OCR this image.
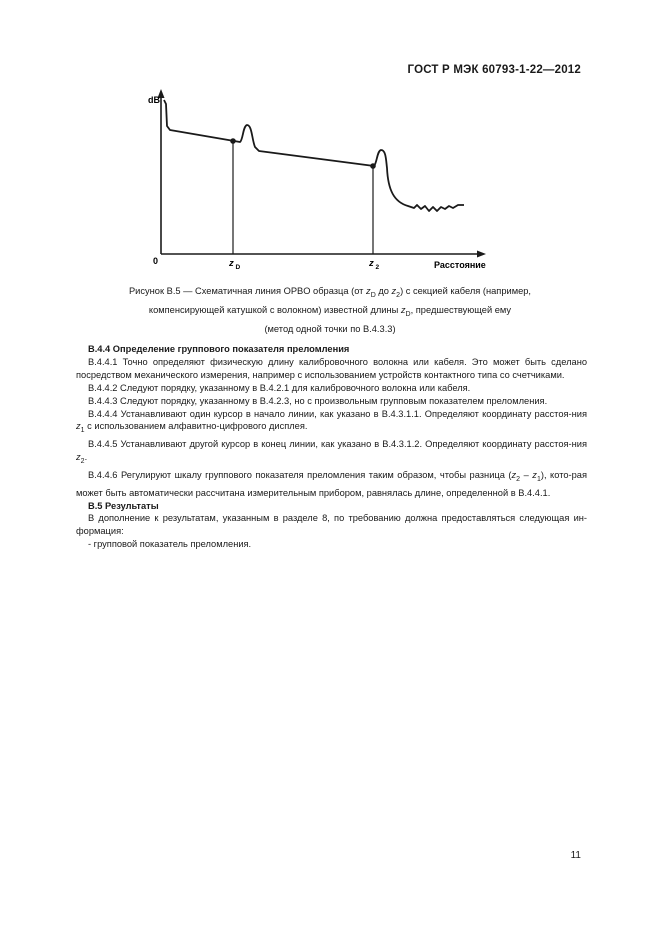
ГОСТ Р МЭК 60793-1-22—2012
dB
0	z D	z 2	Расстояние
Рисунок В.5 — Схематичная линия OPBO образца (от $z_D$ до $z_2$) с секцией кабеля (например,
компенсирующей катушкой с волокном) известной длины $z_D$, предшествующей ему
(метод одной точки по В.4.3.3)

В.4.4 Определение группового показателя преломления

В.4.4.1 Точно определяют физическую длину калибровочного волокна или кабеля. Это может быть сделано посредством механического измерения, например с использованием устройств контактного типа со счетчиками.

В.4.4.2 Следуют порядку, указанному в В.4.2.1 для калибровочного волокна или кабеля.

В.4.4.3 Следуют порядку, указанному в В.4.2.3, но с произвольным групповым показателем преломления.

В.4.4.4 Устанавливают один курсор в начало линии, как указано в В.4.3.1.1. Определяют координату расстоя-ния $z_1$ с использованием алфавитно-цифрового дисплея.

В.4.4.5 Устанавливают другой курсор в конец линии, как указано в В.4.3.1.2. Определяют координату расстоя-ния $z_2$.

В.4.4.6 Регулируют шкалу группового показателя преломления таким образом, чтобы разница $(z_2 - z_1)$, кото-рая может быть автоматически рассчитана измерительным прибором, равнялась длине, определенной в В.4.4.1.

В.5 Результаты

В дополнение к результатам, указанным в разделе 8, по требованию должна предоставляться следующая ин-формация:

- групповой показатель преломления.

11
